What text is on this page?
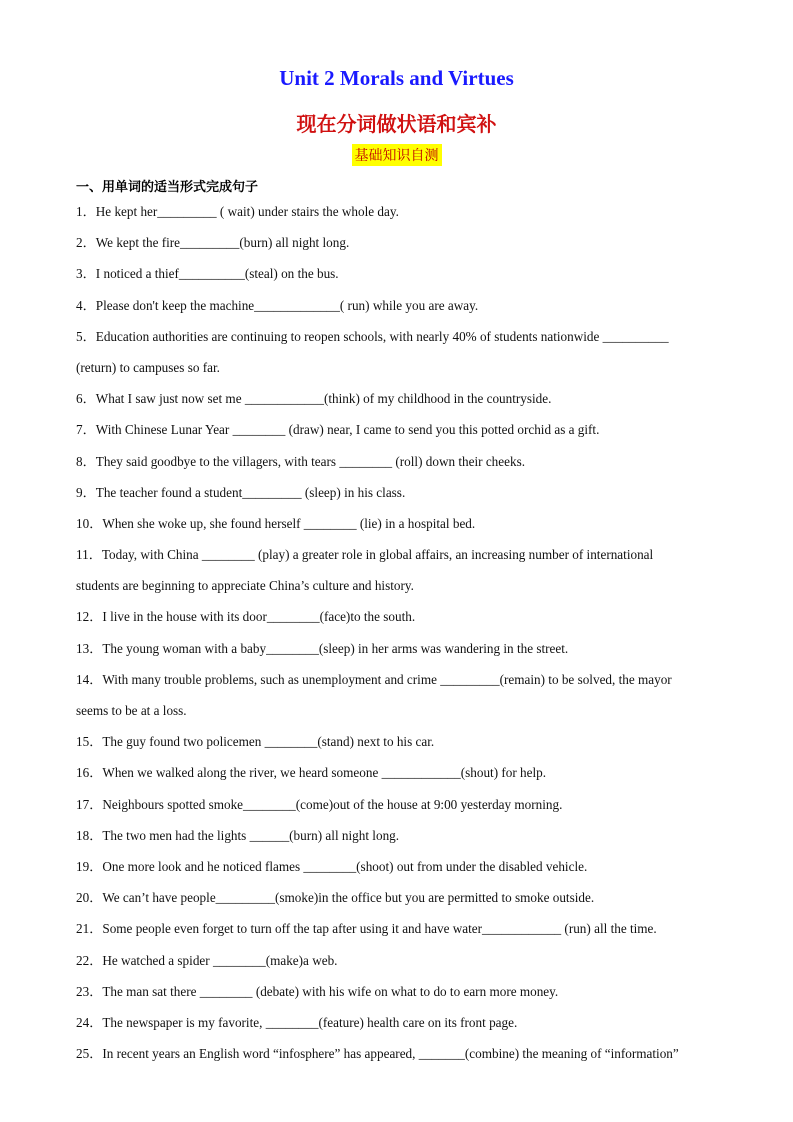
Unit 2 Morals and Virtues
现在分词做状语和宾补
基础知识自测
一、用单词的适当形式完成句子
1．He kept her_________ ( wait) under stairs the whole day.
2．We kept the fire_________(burn) all night long.
3．I noticed a thief__________(steal) on the bus.
4．Please don't keep the machine_____________( run) while you are away.
5．Education authorities are continuing to reopen schools, with nearly 40% of students nationwide __________
(return) to campuses so far.
6．What I saw just now set me ____________(think) of my childhood in the countryside.
7．With Chinese Lunar Year ________ (draw) near, I came to send you this potted orchid as a gift.
8．They said goodbye to the villagers, with tears ________ (roll) down their cheeks.
9．The teacher found a student_________ (sleep) in his class.
10．When she woke up, she found herself ________ (lie) in a hospital bed.
11．Today, with China ________ (play) a greater role in global affairs, an increasing number of international
students are beginning to appreciate China’s culture and history.
12．I live in the house with its door________(face)to the south.
13．The young woman with a baby________(sleep) in her arms was wandering in the street.
14．With many trouble problems, such as unemployment and crime _________(remain) to be solved, the mayor
seems to be at a loss.
15．The guy found two policemen ________(stand) next to his car.
16．When we walked along the river, we heard someone ____________(shout) for help.
17．Neighbours spotted smoke________(come)out of the house at 9:00 yesterday morning.
18．The two men had the lights ______(burn) all night long.
19．One more look and he noticed flames ________(shoot) out from under the disabled vehicle.
20．We can’t have people_________(smoke)in the office but you are permitted to smoke outside.
21．Some people even forget to turn off the tap after using it and have water____________ (run) all the time.
22．He watched a spider ________(make)a web.
23．The man sat there ________ (debate) with his wife on what to do to earn more money.
24．The newspaper is my favorite, ________(feature) health care on its front page.
25．In recent years an English word “infosphere” has appeared, _______(combine) the meaning of “information”
